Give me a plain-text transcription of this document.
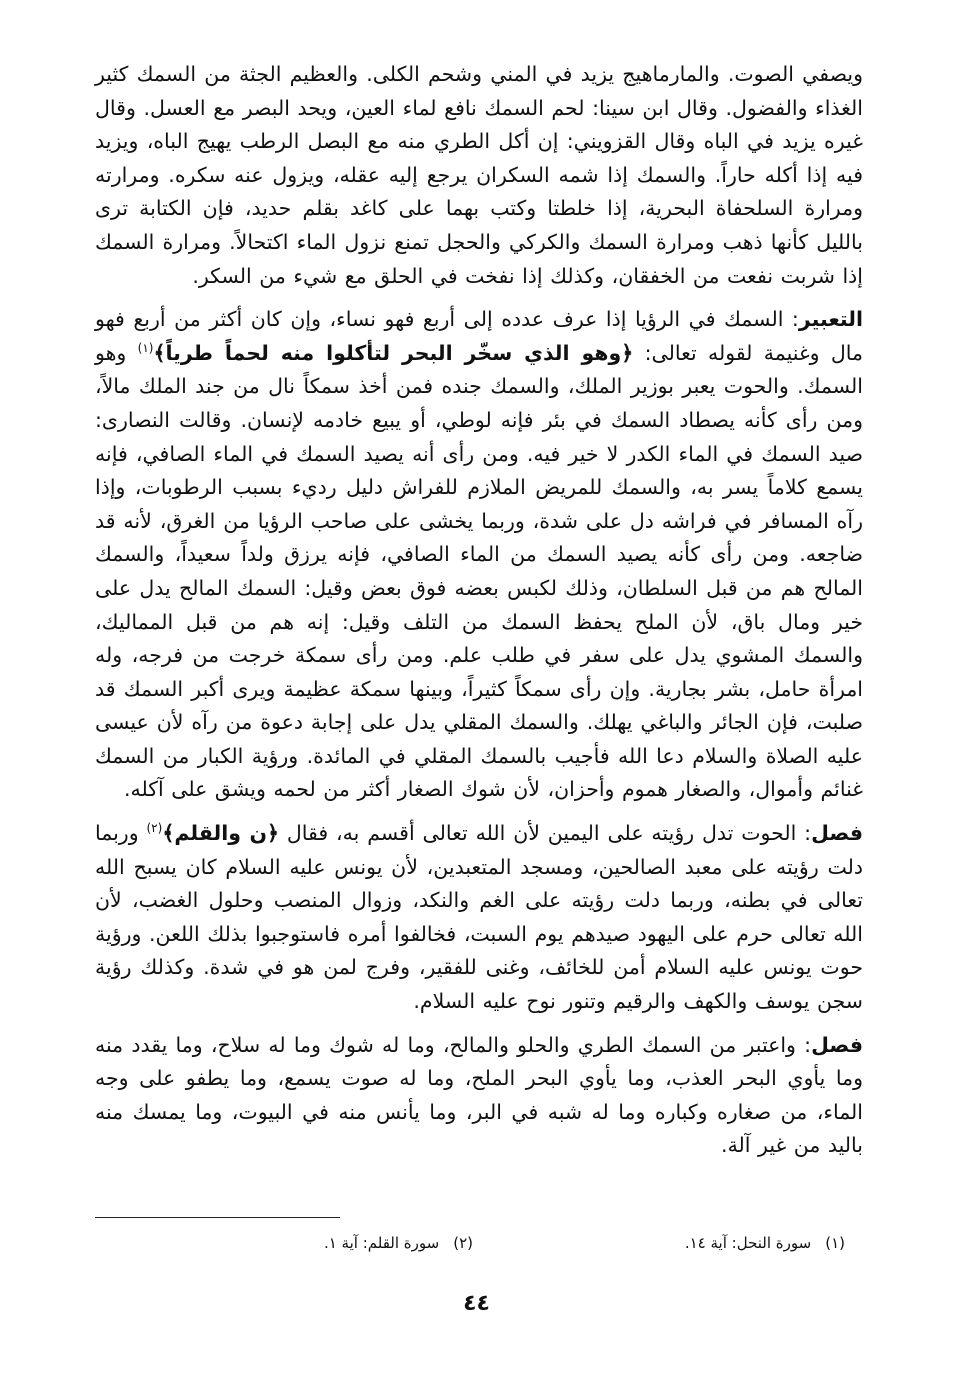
ويصفي الصوت. والمارماهيج يزيد في المني وشحم الكلى. والعظيم الجثة من السمك كثير الغذاء والفضول. وقال ابن سينا: لحم السمك نافع لماء العين، ويحد البصر مع العسل. وقال غيره يزيد في الباه وقال القزويني: إن أكل الطري منه مع البصل الرطب يهيج الباه، ويزيد فيه إذا أكله حاراً. والسمك إذا شمه السكران يرجع إليه عقله، ويزول عنه سكره. ومرارته ومرارة السلحفاة البحرية، إذا خلطتا وكتب بهما على كاغد بقلم حديد، فإن الكتابة ترى بالليل كأنها ذهب ومرارة السمك والكركي والحجل تمنع نزول الماء اكتحالاً. ومرارة السمك إذا شربت نفعت من الخفقان، وكذلك إذا نفخت في الحلق مع شيء من السكر.

التعبير: السمك في الرؤيا إذا عرف عدده إلى أربع فهو نساء، وإن كان أكثر من أربع فهو مال وغنيمة لقوله تعالى: ﴿وهو الذي سخّر البحر لتأكلوا منه لحماً طرياً﴾$^{(١)}$ وهو السمك. والحوت يعبر بوزير الملك، والسمك جنده فمن أخذ سمكاً نال من جند الملك مالاً، ومن رأى كأنه يصطاد السمك في بئر فإنه لوطي، أو يبيع خادمه لإنسان. وقالت النصارى: صيد السمك في الماء الكدر لا خير فيه. ومن رأى أنه يصيد السمك في الماء الصافي، فإنه يسمع كلاماً يسر به، والسمك للمريض الملازم للفراش دليل رديء بسبب الرطوبات، وإذا رآه المسافر في فراشه دل على شدة، وربما يخشى على صاحب الرؤيا من الغرق، لأنه قد ضاجعه. ومن رأى كأنه يصيد السمك من الماء الصافي، فإنه يرزق ولداً سعيداً، والسمك المالح هم من قبل السلطان، وذلك لكبس بعضه فوق بعض وقيل: السمك المالح يدل على خير ومال باق، لأن الملح يحفظ السمك من التلف وقيل: إنه هم من قبل المماليك، والسمك المشوي يدل على سفر في طلب علم. ومن رأى سمكة خرجت من فرجه، وله امرأة حامل، بشر بجارية. وإن رأى سمكاً كثيراً، وبينها سمكة عظيمة ويرى أكبر السمك قد صلبت، فإن الجائر والباغي يهلك. والسمك المقلي يدل على إجابة دعوة من رآه لأن عيسى عليه الصلاة والسلام دعا الله فأجيب بالسمك المقلي في المائدة. ورؤية الكبار من السمك غنائم وأموال، والصغار هموم وأحزان، لأن شوك الصغار أكثر من لحمه ويشق على آكله.

فصل: الحوت تدل رؤيته على اليمين لأن الله تعالى أقسم به، فقال ﴿ن والقلم﴾$^{(٢)}$ وربما دلت رؤيته على معبد الصالحين، ومسجد المتعبدين، لأن يونس عليه السلام كان يسبح الله تعالى في بطنه، وربما دلت رؤيته على الغم والنكد، وزوال المنصب وحلول الغضب، لأن الله تعالى حرم على اليهود صيدهم يوم السبت، فخالفوا أمره فاستوجبوا بذلك اللعن. ورؤية حوت يونس عليه السلام أمن للخائف، وغنى للفقير، وفرج لمن هو في شدة. وكذلك رؤية سجن يوسف والكهف والرقيم وتنور نوح عليه السلام.

فصل: واعتبر من السمك الطري والحلو والمالح، وما له شوك وما له سلاح، وما يقدد منه وما يأوي البحر العذب، وما يأوي البحر الملح، وما له صوت يسمع، وما يطفو على وجه الماء، من صغاره وكباره وما له شبه في البر، وما يأنس منه في البيوت، وما يمسك منه باليد من غير آلة.

(١)سورة النحل: آية ١٤.
(٢)سورة القلم: آية ١.
٤٤
